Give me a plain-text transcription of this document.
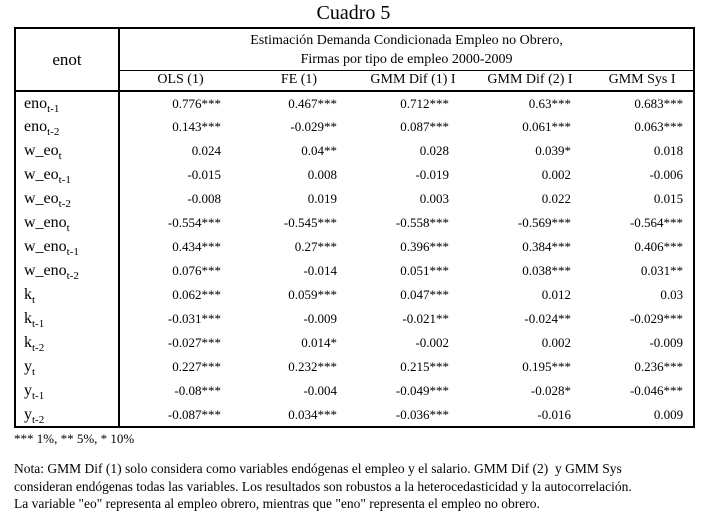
Cuadro 5
enot	Estimación Demanda Condicionada Empleo no Obrero,
Firmas por tipo de empleo 2000-2009				

	OLS (1)	FE (1)	GMM Dif (1) I	GMM Dif (2) I	GMM Sys I
eno$_{t-1}$	0.776***	0.467***	0.712***	0.63***	0.683***
eno$_{t-2}$	0.143***	-0.029**	0.087***	0.061***	0.063***
$w\_eo_t$	0.024	0.04**	0.028	0.039*	0.018
$w\_eo_{t-1}$	-0.015	0.008	-0.019	0.002	-0.006
$w\_eo_{t-2}$	-0.008	0.019	0.003	0.022	0.015
w_eno$_t$	-0.554***	-0.545***	-0.558***	-0.569***	-0.564***
w_eno$_{t-1}$	0.434***	0.27***	0.396***	0.384***	0.406***
w_eno$_{t-2}$	0.076***	-0.014	0.051***	0.038***	0.031**
$k_t$	0.062***	0.059***	0.047***	0.012	0.03
$k_{t-1}$	-0.031***	-0.009	-0.021**	-0.024**	-0.029***
$k_{t-2}$	-0.027***	0.014*	-0.002	0.002	-0.009
$y_t$	0.227***	0.232***	0.215***	0.195***	0.236***
$y_{t-1}$	-0.08***	-0.004	-0.049***	-0.028*	-0.046***
$y_{t-2}$	-0.087***	0.034***	-0.036***	-0.016	0.009
*** 1%, ** 5%, * 10%
Nota: GMM Dif (1) solo considera como variables endógenas el empleo y el salario. GMM Dif (2)  y GMM Sys
consideran endógenas todas las variables. Los resultados son robustos a la heterocedasticidad y la autocorrelación.
La variable "eo" representa al empleo obrero, mientras que "eno" representa el empleo no obrero.
